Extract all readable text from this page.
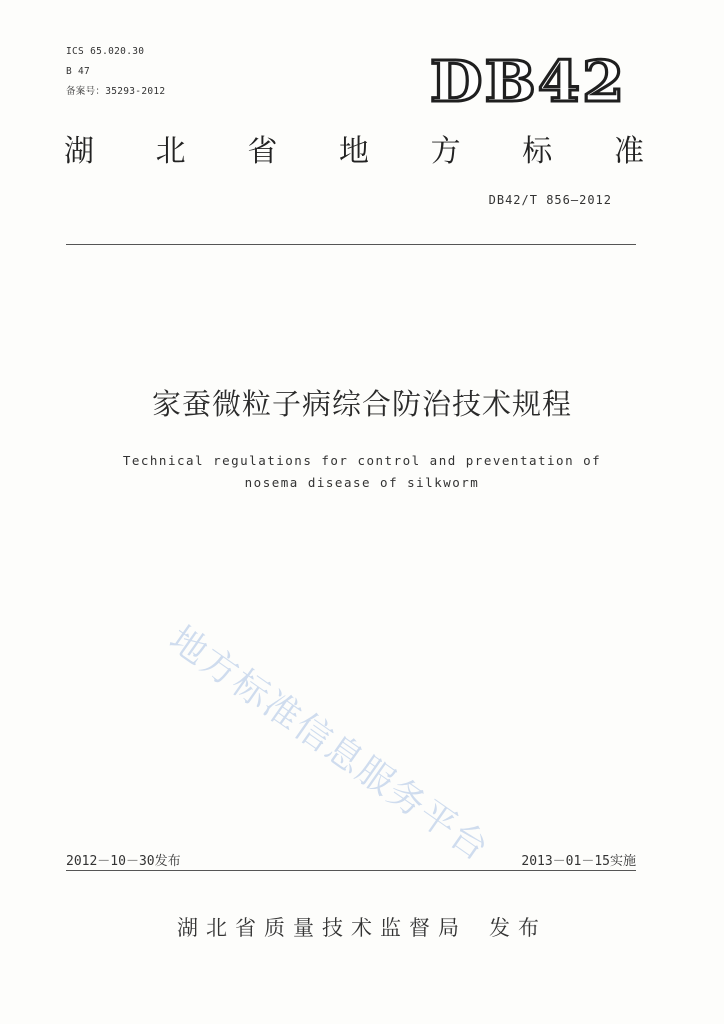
ICS 65.020.30
B 47
备案号：35293-2012	DB42
湖 北 省 地 方 标 准
DB42/T 856—2012
家蚕微粒子病综合防治技术规程
Technical regulations for control and preventation of
nosema disease of silkworm
地方标准信息服务平台
2012－10－30发布	2013－01－15实施
湖北省质量技术监督局 发布
